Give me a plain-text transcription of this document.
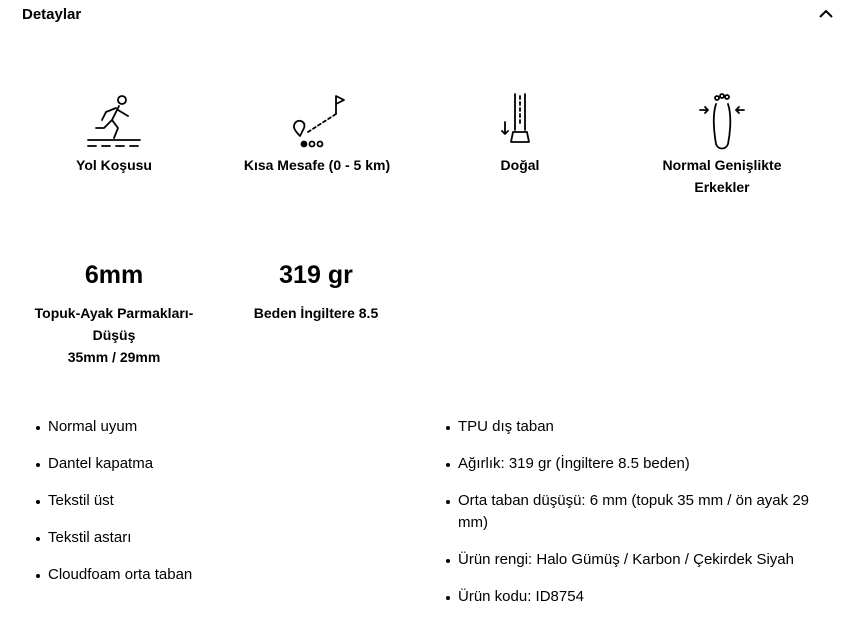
Detaylar
Yol Koşusu	Kısa Mesafe (0 - 5 km)	Doğal	Normal Genişlikte Erkekler
6mm
Topuk-Ayak Parmakları-
Düşüş
35mm / 29mm
319 gr
Beden İngiltere 8.5
Normal uyum
Dantel kapatma
Tekstil üst
Tekstil astarı
Cloudfoam orta taban
TPU dış taban
Ağırlık: 319 gr (İngiltere 8.5 beden)
Orta taban düşüşü: 6 mm (topuk 35 mm / ön ayak 29 mm)
Ürün rengi: Halo Gümüş / Karbon / Çekirdek Siyah
Ürün kodu: ID8754
